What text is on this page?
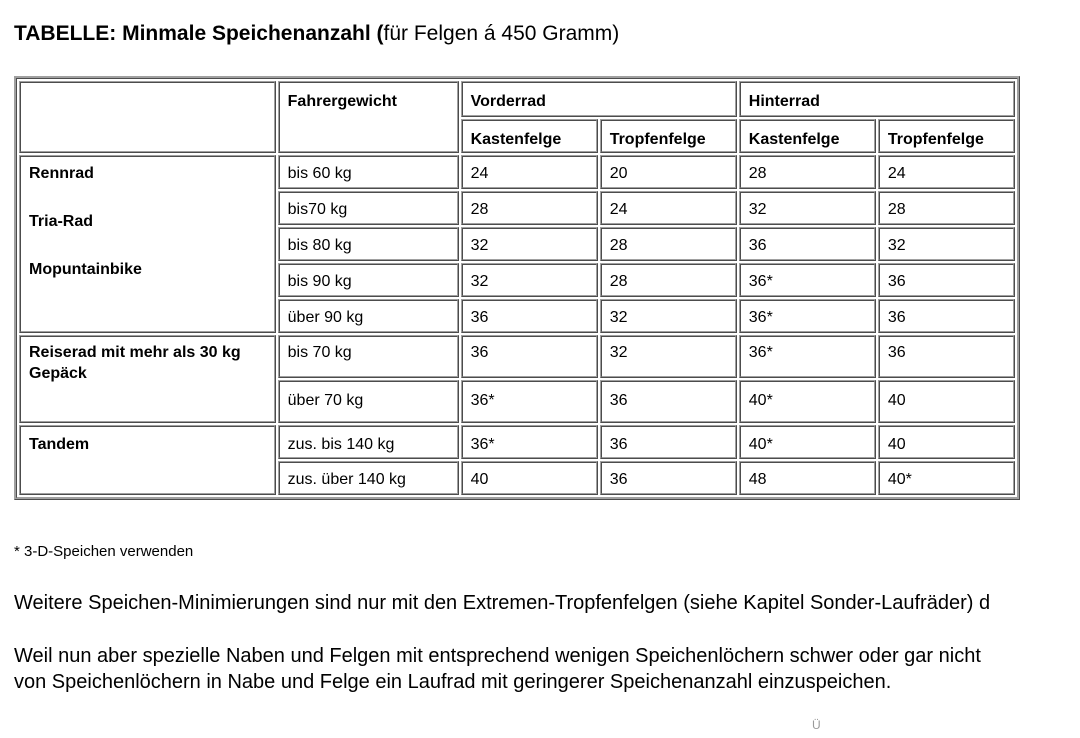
TABELLE: Minmale Speichenanzahl (für Felgen á 450 Gramm)
	Fahrergewicht	Vorderrad		Hinterrad	
		Kastenfelge	Tropfenfelge	Kastenfelge	Tropfenfelge

Rennrad
Tria-Rad
Mopuntainbike	bis 60 kg	24	20	28	24
	bis70 kg	28	24	32	28
	bis 80 kg	32	28	36	32
	bis 90 kg	32	28	36*	36
	über 90 kg	36	32	36*	36
Reiserad mit mehr als 30 kg Gepäck	bis 70 kg	36	32	36*	36
	über 70 kg	36*	36	40*	40
Tandem	zus. bis 140 kg	36*	36	40*	40
	zus. über 140 kg	40	36	48	40*
* 3-D-Speichen verwenden
Weitere Speichen-Minimierungen sind nur mit den Extremen-Tropfenfelgen (siehe Kapitel Sonder-Laufräder) d
Weil nun aber spezielle Naben und Felgen mit entsprechend wenigen Speichenlöchern schwer oder gar nicht
von Speichenlöchern in Nabe und Felge ein Laufrad mit geringerer Speichenanzahl einzuspeichen.
Ü
